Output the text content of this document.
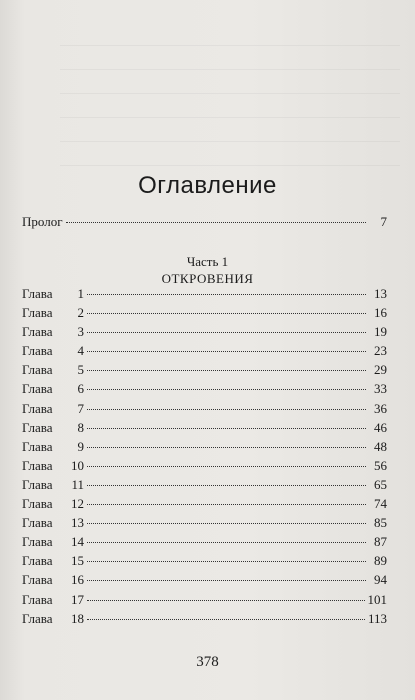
Оглавление
Пролог	7
Часть 1
ОТКРОВЕНИЯ
Глава	1	13
Глава	2	16
Глава	3	19
Глава	4	23
Глава	5	29
Глава	6	33
Глава	7	36
Глава	8	46
Глава	9	48
Глава	10	56
Глава	11	65
Глава	12	74
Глава	13	85
Глава	14	87
Глава	15	89
Глава	16	94
Глава	17	101
Глава	18	113
378
